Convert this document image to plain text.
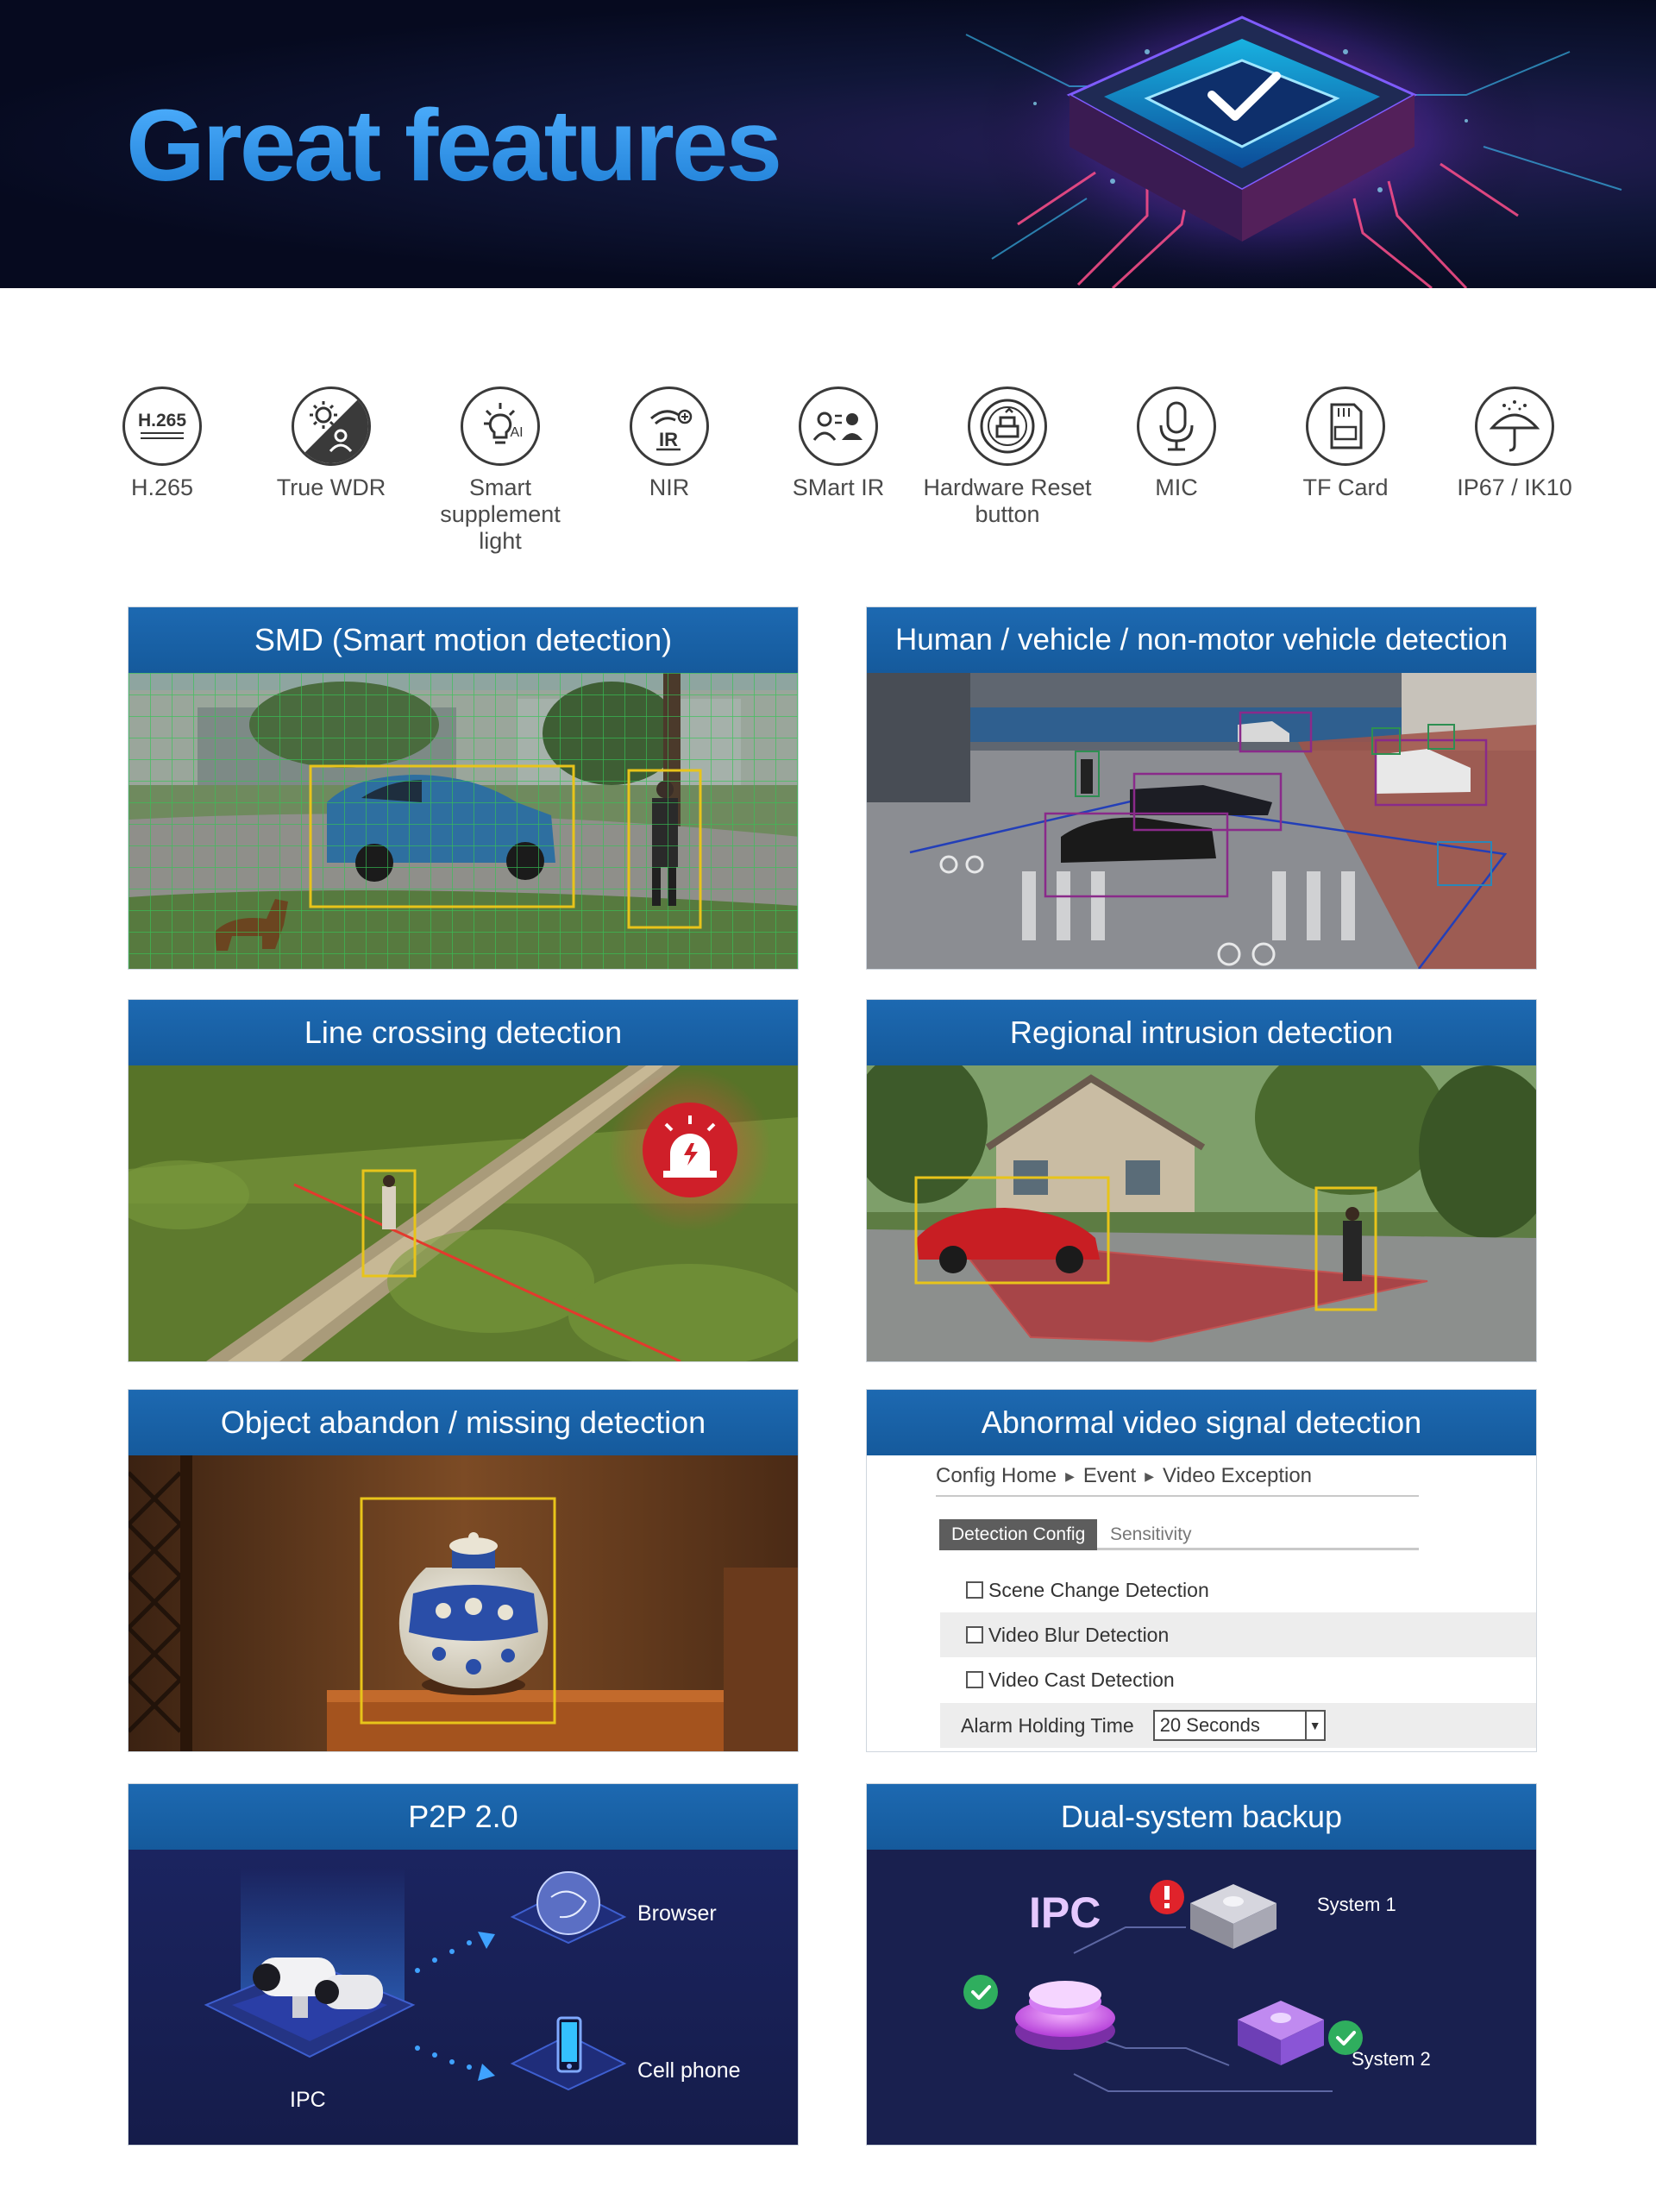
Great features
H.265
H.265	True WDR
AI
Smart supplement light
IR
NIR	SMart IR	Hardware Reset button
MIC	TF Card	IP67 / IK10
SMD (Smart motion detection)	Human / vehicle / non-motor vehicle detection
Line crossing detection	Regional intrusion detection
Object abandon / missing detection	Abnormal video signal detection
Config Home ▶ Event ▶ Video Exception
Detection Config	Sensitivity
Scene Change Detection
Video Blur Detection
Video Cast Detection
Alarm Holding Time 20 Seconds	▼
P2P 2.0
Browser
Cell phone
IPC
Dual-system backup
IPC	System 1
System 2
